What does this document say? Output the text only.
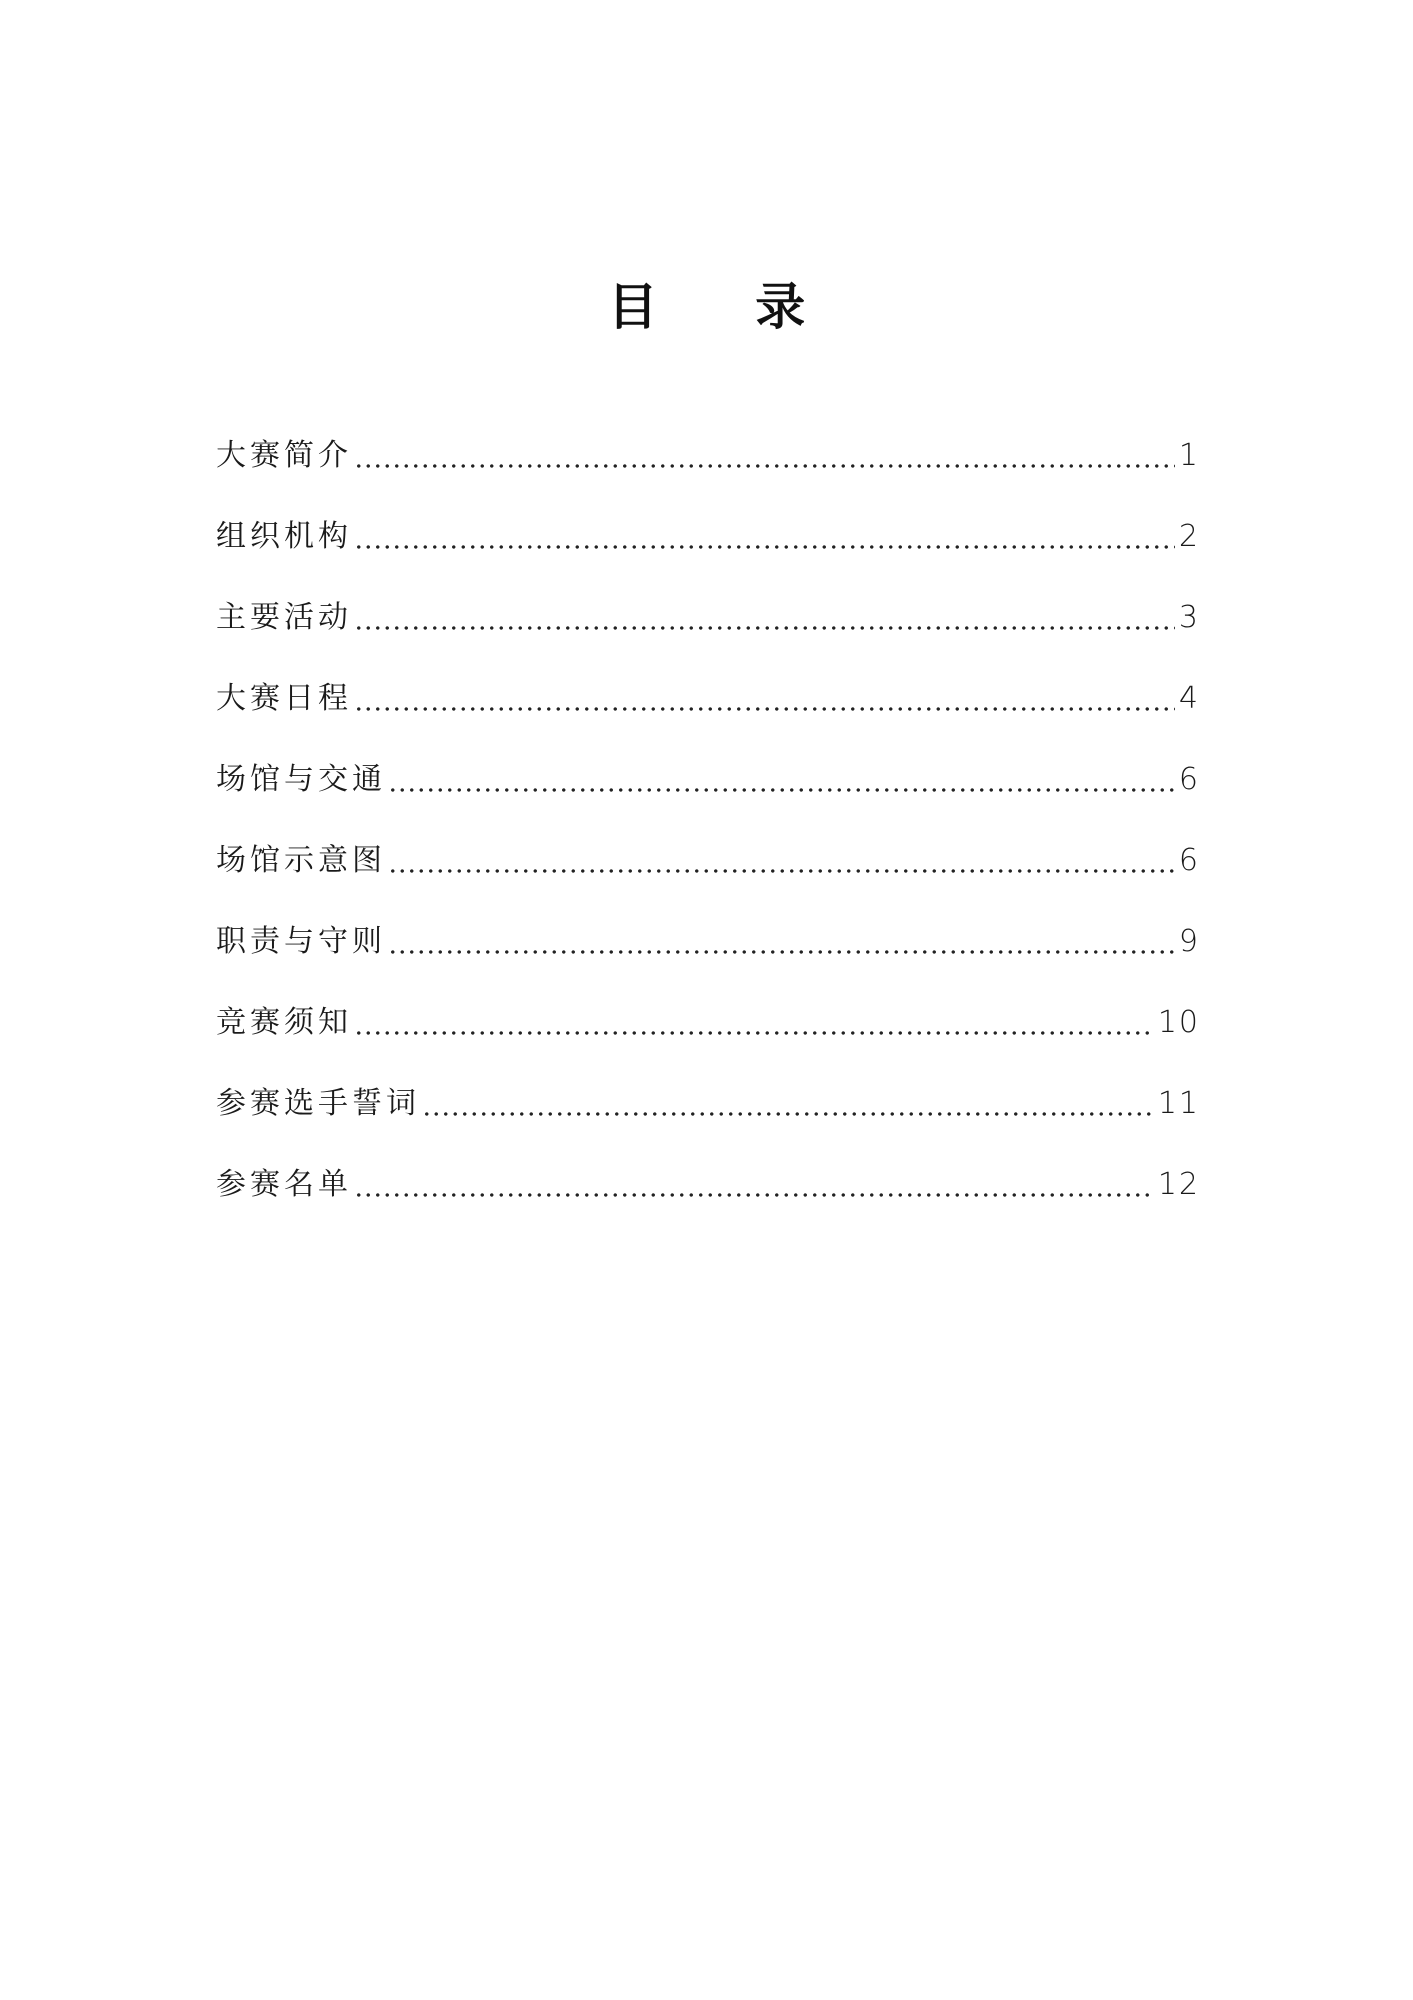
目 录
大赛简介	1
组织机构	2
主要活动	3
大赛日程	4
场馆与交通	6
场馆示意图	6
职责与守则	9
竞赛须知	10
参赛选手誓词	11
参赛名单	12
